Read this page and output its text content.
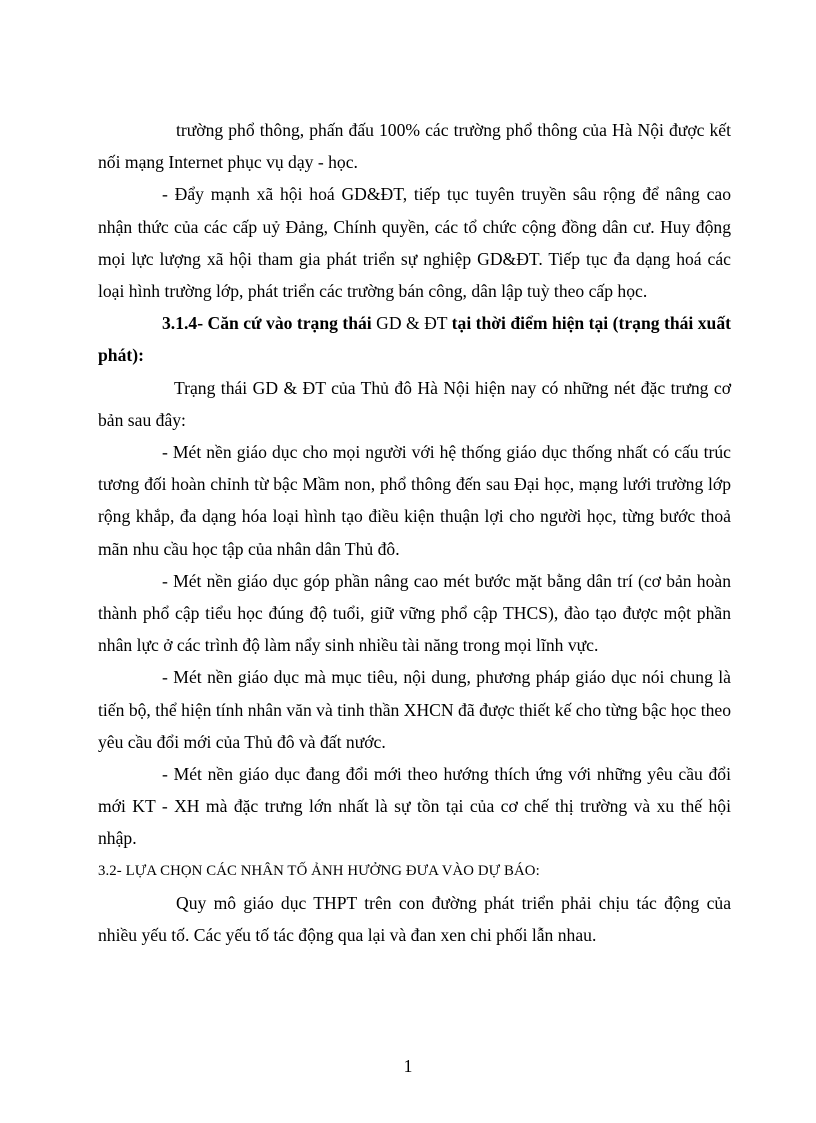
trường phổ thông, phấn đấu 100% các trường phổ thông của Hà Nội được kết nối mạng Internet phục vụ dạy - học.

- Đẩy mạnh xã hội hoá GD&ĐT, tiếp tục tuyên truyền sâu rộng để nâng cao nhận thức của các cấp uỷ Đảng, Chính quyền, các tổ chức cộng đồng dân cư. Huy động mọi lực lượng xã hội tham gia phát triển sự nghiệp GD&ĐT. Tiếp tục đa dạng hoá các loại hình trường lớp, phát triển các trường bán công, dân lập tuỳ theo cấp học.

3.1.4- Căn cứ vào trạng thái GD & ĐT tại thời điểm hiện tại (trạng thái xuất phát):

Trạng thái GD & ĐT của Thủ đô Hà Nội hiện nay có những nét đặc trưng cơ bản sau đây:

- Mét nền giáo dục cho mọi người với hệ thống giáo dục thống nhất có cấu trúc tương đối hoàn chỉnh từ bậc Mầm non, phổ thông đến sau Đại học, mạng lưới trường lớp rộng khắp, đa dạng hóa loại hình tạo điều kiện thuận lợi cho người học, từng bước thoả mãn nhu cầu học tập của nhân dân Thủ đô.

- Mét nền giáo dục góp phần nâng cao mét bước mặt bằng dân trí (cơ bản hoàn thành phổ cập tiểu học đúng độ tuổi, giữ vững phổ cập THCS), đào tạo được một phần nhân lực ở các trình độ làm nẩy sinh nhiều tài năng trong mọi lĩnh vực.

- Mét nền giáo dục mà mục tiêu, nội dung, phương pháp giáo dục nói chung là tiến bộ, thể hiện tính nhân văn và tinh thần XHCN đã được thiết kế cho từng bậc học theo yêu cầu đổi mới của Thủ đô và đất nước.

- Mét nền giáo dục đang đổi mới theo hướng thích ứng với những yêu cầu đổi mới KT - XH mà đặc trưng lớn nhất là sự tồn tại của cơ chế thị trường và xu thế hội nhập.

3.2- LỰA CHỌN CÁC NHÂN TỐ ẢNH HƯỞNG ĐƯA VÀO DỰ BÁO:

Quy mô giáo dục THPT trên con đường phát triển phải chịu tác động của nhiều yếu tố. Các yếu tố tác động qua lại và đan xen chi phối lẫn nhau.

1
